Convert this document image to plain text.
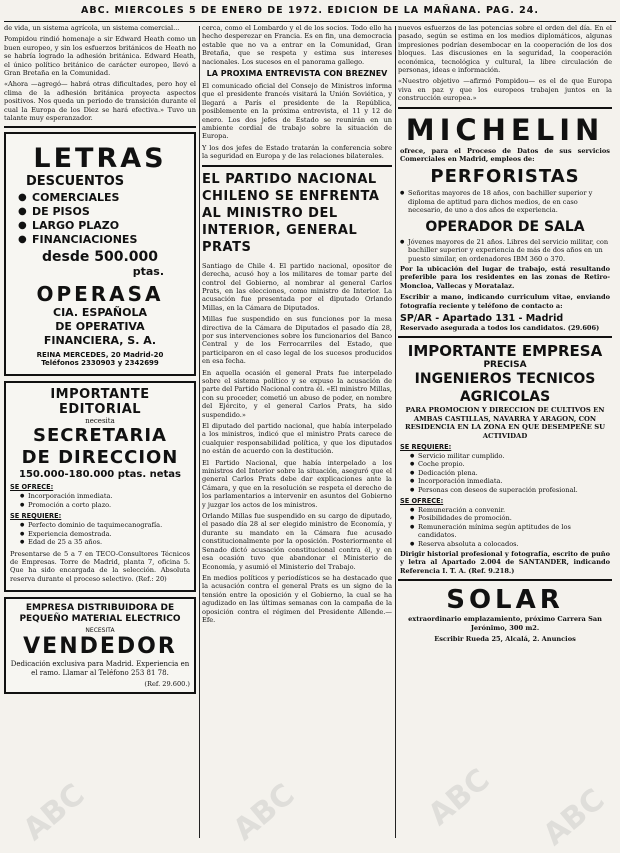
ABC. MIERCOLES 5 DE ENERO DE 1972. EDICION DE LA MAÑANA. PAG. 24.

de vida, un sistema agrícola, un sistema comercial...

Pompidou rindió homenaje a sir Edward Heath como un buen europeo, y sin los esfuerzos británicos de Heath no se habría logrado la adhesión británica. Edward Heath, el único político británico de carácter europeo, llevó a Gran Bretaña en la Comunidad.

«Ahora —agregó— habrá otras dificultades, pero hoy el clima de la adhesión británica proyecta aspectos positivos. Nos queda un periodo de transición durante el cual la Europa de los Diez se hará efectiva.» Tuvo un talante muy esperanzador.

LETRAS
DESCUENTOS
● COMERCIALES
● DE PISOS
● LARGO PLAZO
● FINANCIACIONES
desde 500.000
ptas.
OPERASA
CIA. ESPAÑOLA
DE OPERATIVA
FINANCIERA, S. A.
REINA MERCEDES, 20 Madrid-20
Teléfonos 2330903 y 2342699
IMPORTANTE EDITORIAL
necesita
SECRETARIA
DE DIRECCION
150.000-180.000 ptas. netas
SE OFRECE:
● Incorporación inmediata.
● Promoción a corto plazo.
SE REQUIERE:
● Perfecto dominio de taquimecanografía.
● Experiencia demostrada.
● Edad de 25 a 35 años.

Presentarse de 5 a 7 en TECO-Consultores Técnicos de Empresas. Torre de Madrid, planta 7, oficina 5. Que ha sido encargada de la selección. Absoluta reserva durante el proceso selectivo. (Ref.: 20)

EMPRESA DISTRIBUIDORA DE
PEQUEÑO MATERIAL ELECTRICO
NECESITA
VENDEDOR

Dedicación exclusiva para Madrid. Experiencia en el ramo. Llamar al Teléfono 253 81 78.

(Ref. 29.600.)

cerca, como el Lombardo y el de los socios. Todo ello ha hecho desperezar en Francia. Es en fin, una democracia estable que no va a entrar en la Comunidad, Gran Bretaña, que se respeta y estima sus intereses nacionales. Los sucesos en el panorama gallego.

LA PROXIMA ENTREVISTA CON BREZNEV

El comunicado oficial del Consejo de Ministros informa que el presidente francés visitará la Unión Soviética, y llegará a París el presidente de la República, posiblemente en la próxima entrevista, el 11 y 12 de enero. Los dos jefes de Estado se reunirán en un ambiente cordial de trabajo sobre la situación de Europa.

Y los dos jefes de Estado tratarán la conferencia sobre la seguridad en Europa y de las relaciones bilaterales.

EL PARTIDO NACIONAL CHILENO SE ENFRENTA AL MINISTRO DEL INTERIOR, GENERAL PRATS

Santiago de Chile 4. El partido nacional, opositor de derecha, acusó hoy a los militares de tomar parte del control del Gobierno, al nombrar al general Carlos Prats, en las elecciones, como ministro de Interior. La acusación fue presentada por el diputado Orlando Millas, en la Cámara de Diputados.

Millas fue suspendido en sus funciones por la mesa directiva de la Cámara de Diputados el pasado día 28, por sus intervenciones sobre los funcionarios del Banco Central y de los Ferrocarriles del Estado, que participaron en el caso legal de los sucesos producidos en esa fecha.

En aquella ocasión el general Prats fue interpelado sobre el sistema político y se expuso la acusación de parte del Partido Nacional contra él. «El ministro Millas, con su proceder, cometió un abuso de poder, en nombre del Ejército, y el general Carlos Prats, ha sido suspendido.»

El diputado del partido nacional, que había interpelado a los ministros, indicó que el ministro Prats carece de cualquier responsabilidad política, y que los diputados no están de acuerdo con la destitución.

El Partido Nacional, que había interpelado a los ministros del Interior sobre la situación, aseguró que el general Carlos Prats debe dar explicaciones ante la Cámara, y que en la resolución se respeta el derecho de los parlamentarios a intervenir en asuntos del Gobierno y juzgar los actos de los ministros.

Orlando Millas fue suspendido en su cargo de diputado, el pasado día 28 al ser elegido ministro de Economía, y durante su mandato en la Cámara fue acusado constitucionalmente por la oposición. Posteriormente el Senado dictó acusación constitucional contra él, y en esa ocasión tuvo que abandonar el Ministerio de Economía, y asumió el Ministerio del Trabajo.

En medios políticos y periodísticos se ha destacado que la acusación contra el general Prats es un signo de la tensión entre la oposición y el Gobierno, la cual se ha agudizado en las últimas semanas con la campaña de la oposición contra el régimen del Presidente Allende.—Efe.

nuevos esfuerzos de las potencias sobre el orden del día. En el pasado, según se estima en los medios diplomáticos, algunas impresiones podrían desembocar en la cooperación de los dos bloques. Las discusiones en la seguridad, la cooperación económica, tecnológica y cultural, la libre circulación de personas, ideas e información.

«Nuestro objetivo —afirmó Pompidou— es el de que Europa viva en paz y que los europeos trabajen juntos en la construcción europea.»

MICHELIN

ofrece, para el Proceso de Datos de sus servicios Comerciales en Madrid, empleos de:

PERFORISTAS
● Señoritas mayores de 18 años, con bachiller superior y diploma de aptitud para dichos medios, de en caso necesario, de uno a dos años de experiencia.
OPERADOR DE SALA
● Jóvenes mayores de 21 años. Libres del servicio militar, con bachiller superior y experiencia de más de dos años en un puesto similar, en ordenadores IBM 360 o 370.

Por la ubicación del lugar de trabajo, está resultando preferible para los residentes en las zonas de Retiro-Moncloa, Vallecas y Moratalaz.

Escribir a mano, indicando curriculum vitae, enviando fotografía reciente y teléfono de contacto a:

SP/AR - Apartado 131 - Madrid

Reservado asegurada a todos los candidatos. (29.606)

IMPORTANTE EMPRESA
PRECISA
INGENIEROS TECNICOS
AGRICOLAS

PARA PROMOCION Y DIRECCION DE CULTIVOS EN AMBAS CASTILLAS, NAVARRA Y ARAGON, CON RESIDENCIA EN LA ZONA EN QUE DESEMPEÑE SU ACTIVIDAD

SE REQUIERE:
● Servicio militar cumplido.
● Coche propio.
● Dedicación plena.
● Incorporación inmediata.
● Personas con deseos de superación profesional.
SE OFRECE:
● Remuneración a convenir.
● Posibilidades de promoción.
● Remuneración mínima según aptitudes de los candidatos.
● Reserva absoluta a colocados.

Dirigir historial profesional y fotografía, escrito de puño y letra al Apartado 2.004 de SANTANDER, indicando Referencia I. T. A. (Ref. 9.218.)

SOLAR

extraordinario emplazamiento, próximo Carrera San Jerónimo, 300 m2.

Escribir Rueda 25, Alcalá, 2. Anuncios

ABC	ABC	ABC ABC
